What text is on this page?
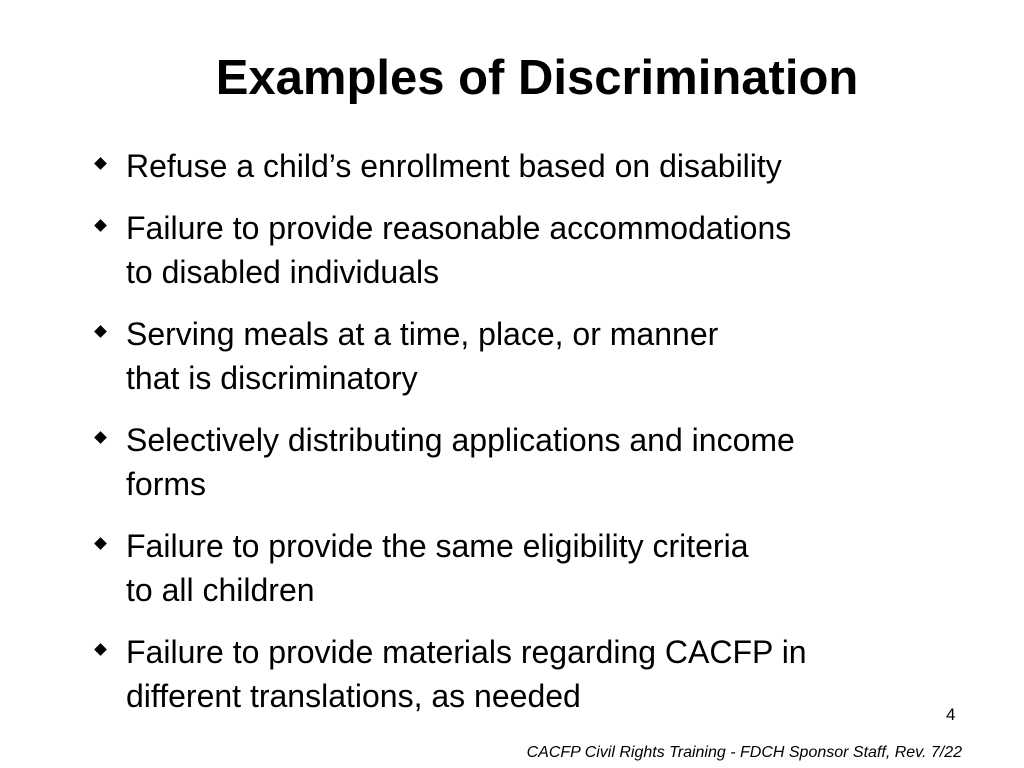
Examples of Discrimination
Refuse a child’s enrollment based on disability
Failure to provide reasonable accommodations
to disabled individuals
Serving meals at a time, place, or manner
that is discriminatory
Selectively distributing applications and income
forms
Failure to provide the same eligibility criteria
to all children
Failure to provide materials regarding CACFP in
different translations, as needed
4
CACFP Civil Rights Training - FDCH Sponsor Staff, Rev. 7/22
